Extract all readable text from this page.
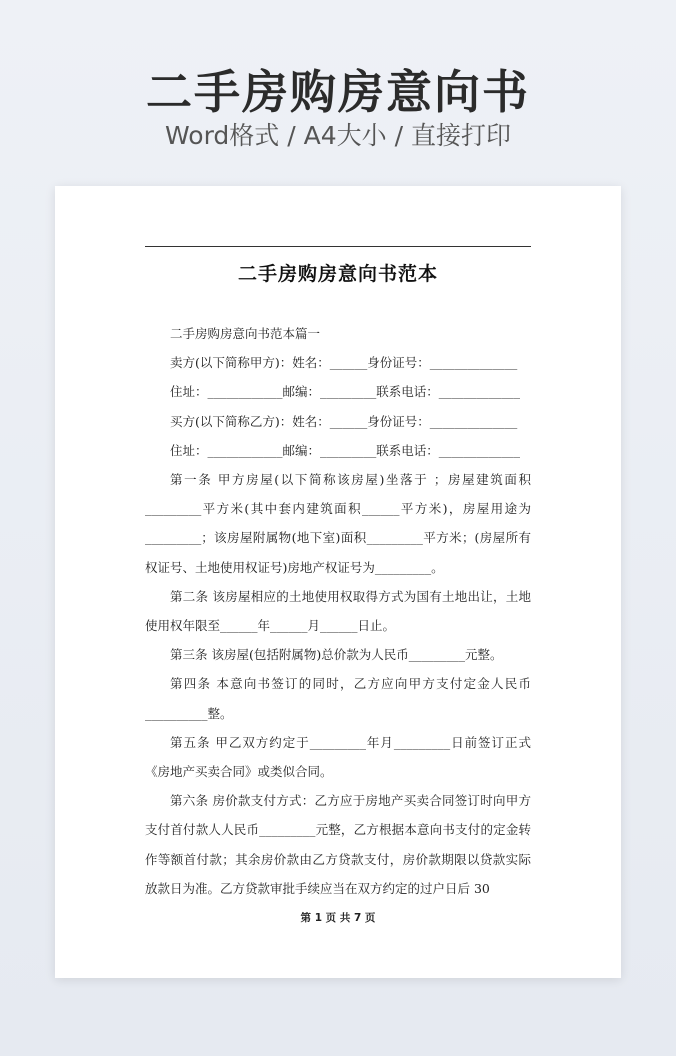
二手房购房意向书
Word格式 / A4大小 / 直接打印
二手房购房意向书范本

二手房购房意向书范本篇一

卖方(以下简称甲方)：姓名：______身份证号：______________

住址：____________邮编：_________联系电话：_____________

买方(以下简称乙方)：姓名：______身份证号：______________

住址：____________邮编：_________联系电话：_____________

第一条 甲方房屋(以下简称该房屋)坐落于 ；房屋建筑面积_________平方米(其中套内建筑面积______平方米)，房屋用途为_________；该房屋附属物(地下室)面积_________平方米；(房屋所有权证号、土地使用权证号)房地产权证号为_________。

第二条 该房屋相应的土地使用权取得方式为国有土地出让，土地使用权年限至______年______月______日止。

第三条 该房屋(包括附属物)总价款为人民币_________元整。

第四条 本意向书签订的同时，乙方应向甲方支付定金人民币__________整。

第五条 甲乙双方约定于_________年月_________日前签订正式《房地产买卖合同》或类似合同。

第六条 房价款支付方式：乙方应于房地产买卖合同签订时向甲方支付首付款人人民币_________元整，乙方根据本意向书支付的定金转作等额首付款；其余房价款由乙方贷款支付，房价款期限以贷款实际放款日为准。乙方贷款审批手续应当在双方约定的过户日后 30

第 1 页 共 7 页
